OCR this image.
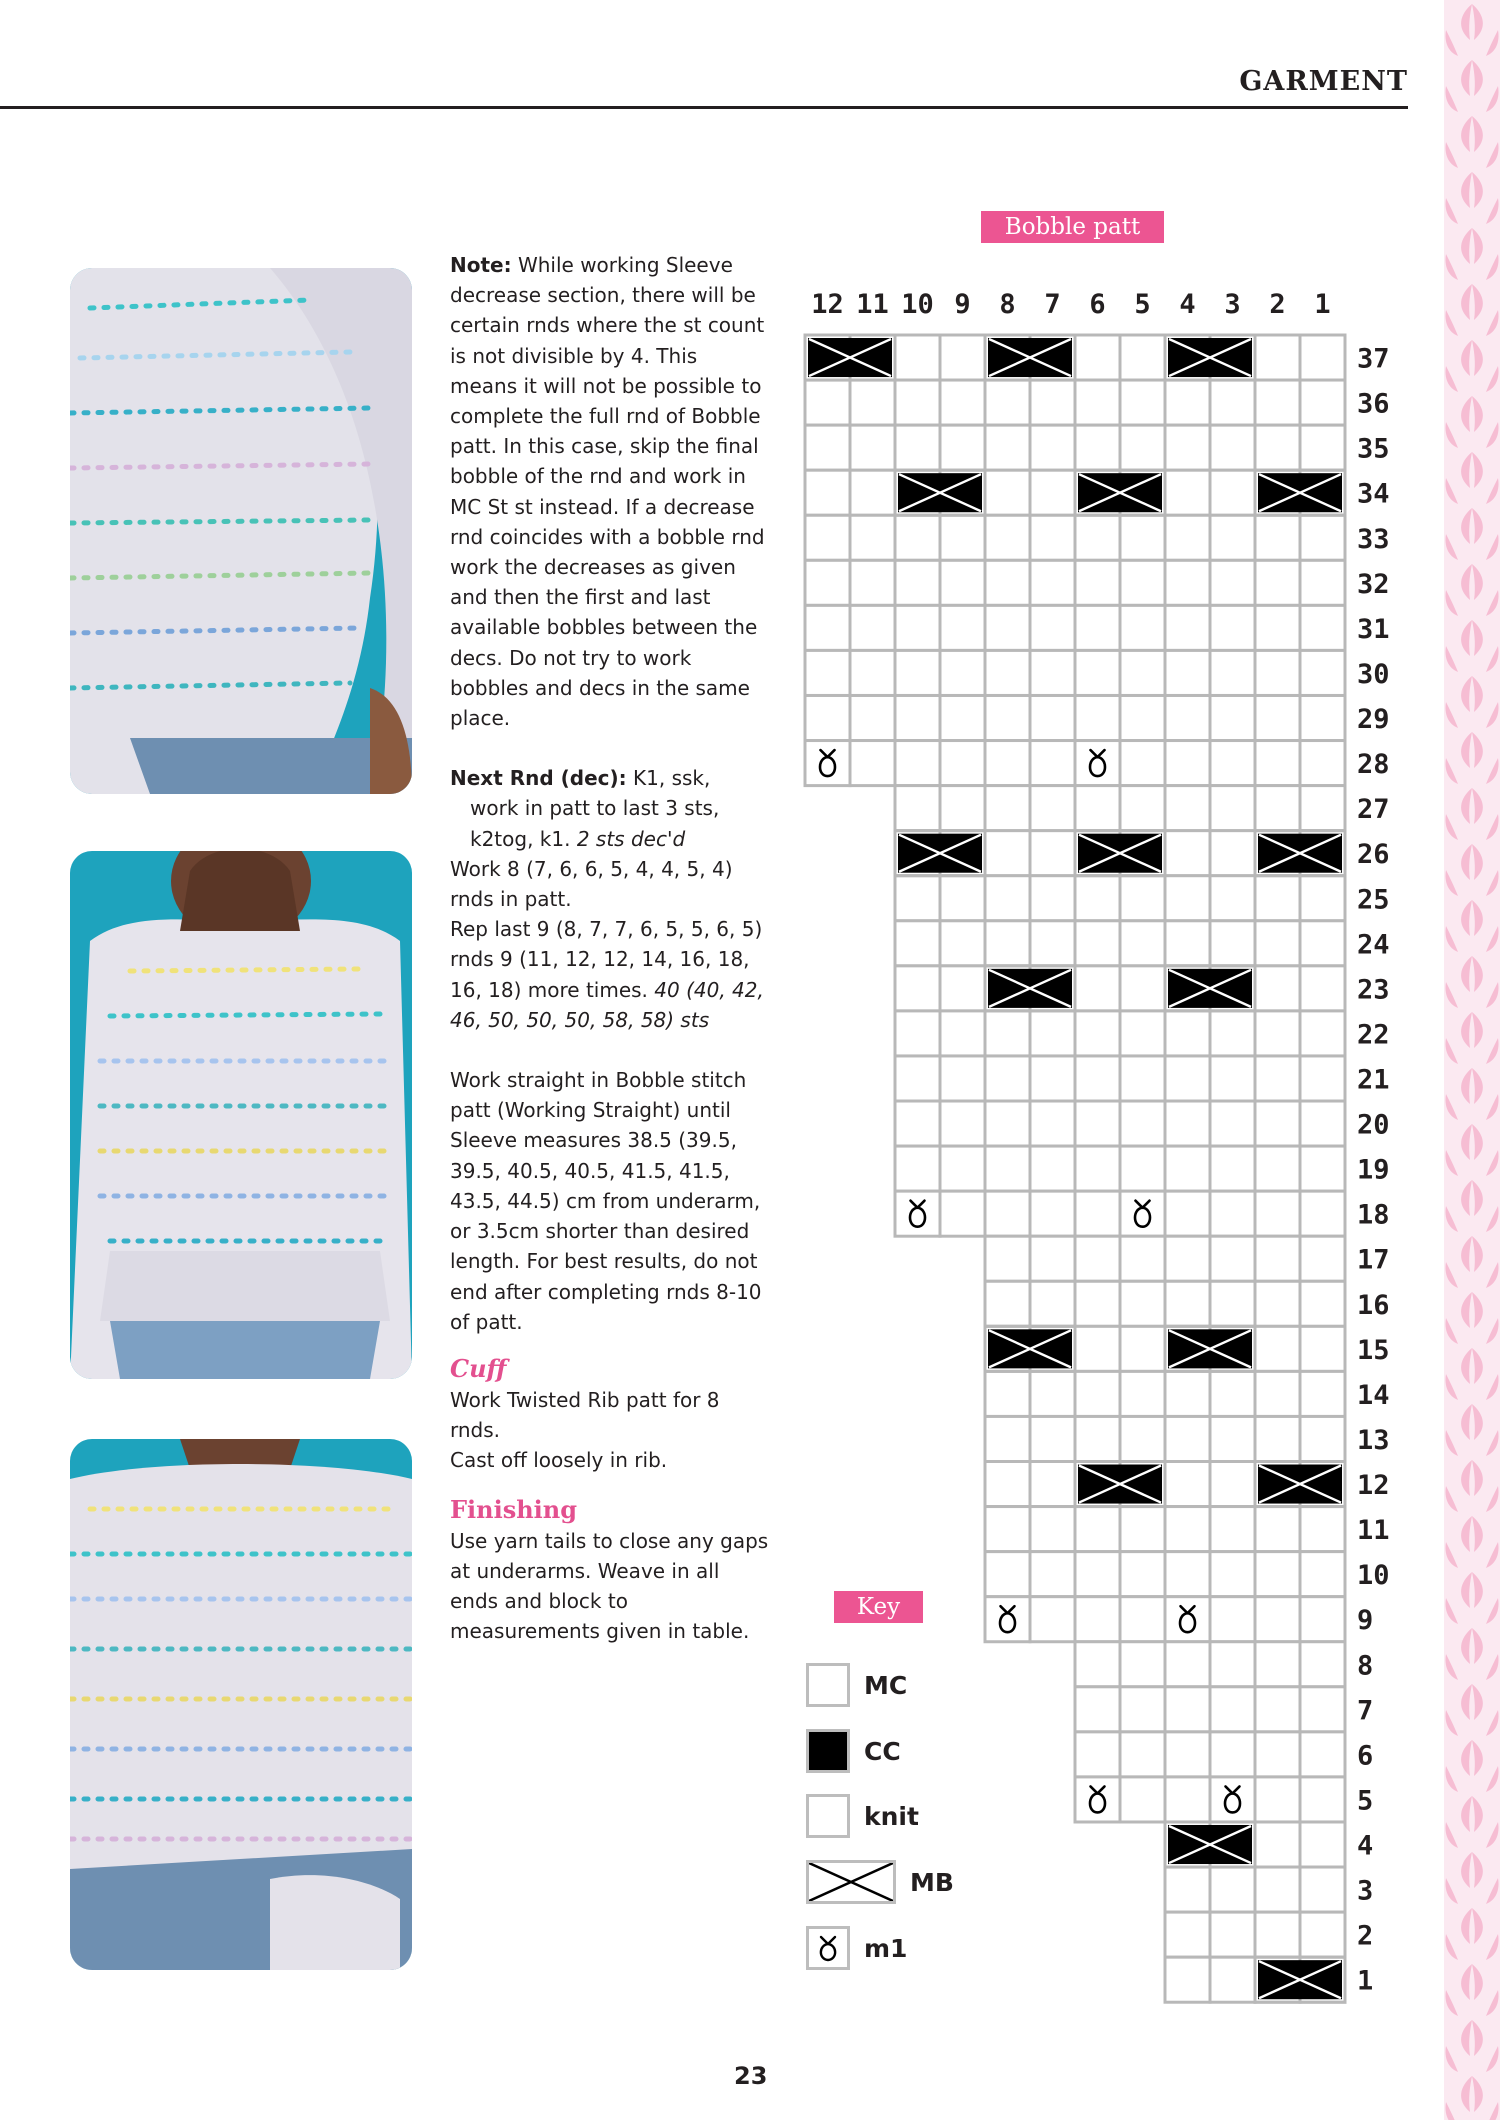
GARMENT

Note: While working Sleeve decrease section, there will be certain rnds where the st count is not divisible by 4. This means it will not be possible to complete the full rnd of Bobble patt. In this case, skip the final bobble of the rnd and work in MC St st instead. If a decrease rnd coincides with a bobble rnd work the decreases as given and then the first and last available bobbles between the decs. Do not try to work bobbles and decs in the same place.

Next Rnd (dec): K1, ssk,

work in patt to last 3 sts,

k2tog, k1. 2 sts dec'd

Work 8 (7, 6, 6, 5, 4, 4, 5, 4) rnds in patt.

Rep last 9 (8, 7, 7, 6, 5, 5, 6, 5) rnds 9 (11, 12, 12, 14, 16, 18, 16, 18) more times. 40 (40, 42, 46, 50, 50, 50, 58, 58) sts

Work straight in Bobble stitch patt (Working Straight) until Sleeve measures 38.5 (39.5, 39.5, 40.5, 40.5, 41.5, 41.5, 43.5, 44.5) cm from underarm, or 3.5cm shorter than desired length. For best results, do not end after completing rnds 8-10 of patt.

Cuff

Work Twisted Rib patt for 8 rnds.

Cast off loosely in rib.

Finishing

Use yarn tails to close any gaps at underarms. Weave in all ends and block to measurements given in table.

Bobble patt
12 11 10 9 8 7 6 5 4 3 2 1
37
36
35
34
33
32
31
30
29
28
27
26
25
24
23
22
21
20
19
18
17
16
15
14
13
12
11
10
9
8
7
6
5
4
3
2
1
Key
MC
CC
knit
MB
m1
23
